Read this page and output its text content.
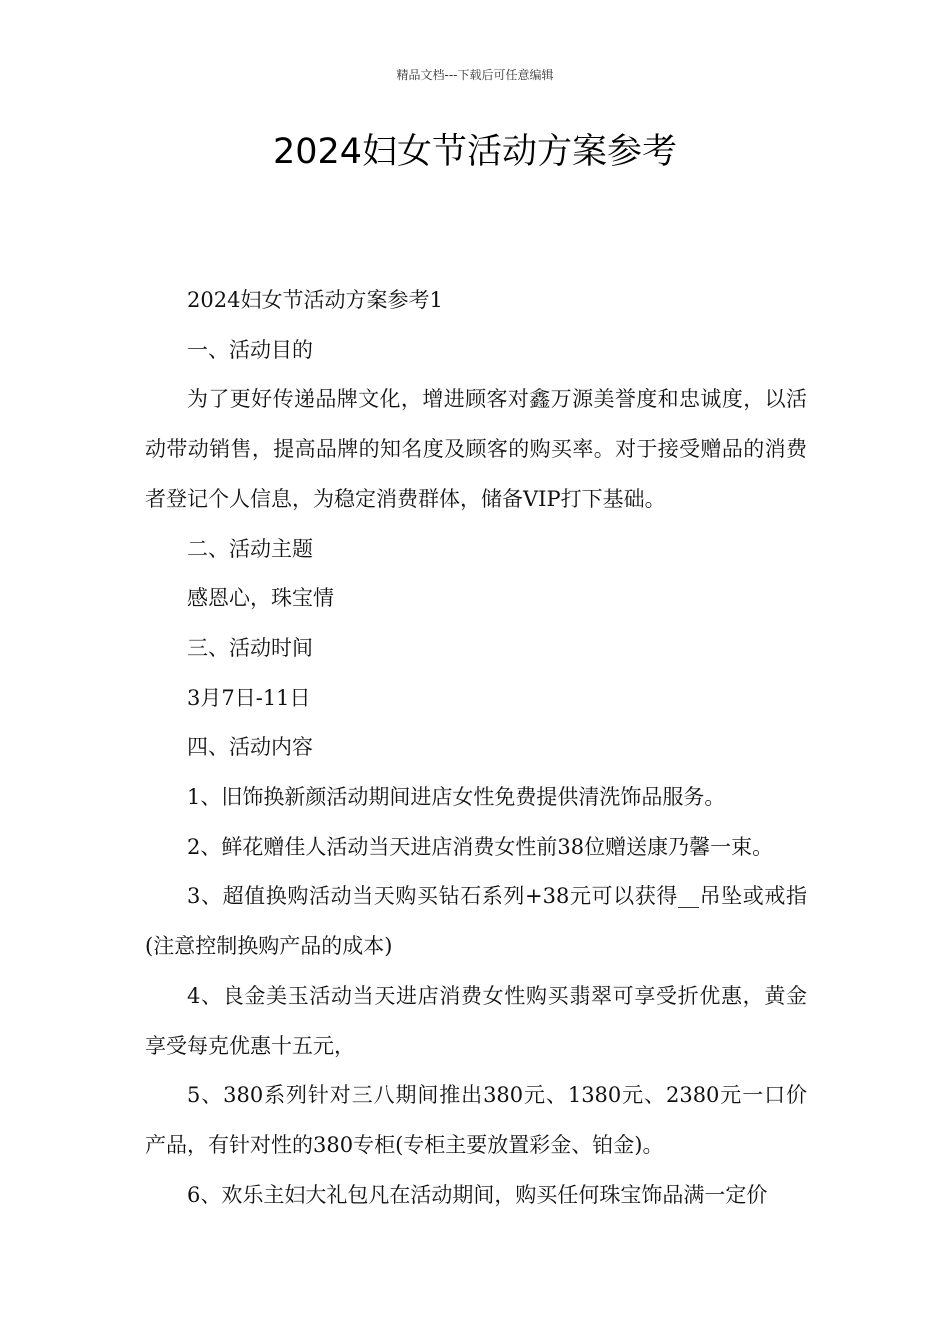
精品文档---下载后可任意编辑
2024妇女节活动方案参考

2024妇女节活动方案参考1

一、活动目的

为了更好传递品牌文化，增进顾客对鑫万源美誉度和忠诚度，以活动带动销售，提高品牌的知名度及顾客的购买率。对于接受赠品的消费者登记个人信息，为稳定消费群体，储备VIP打下基础。

二、活动主题

感恩心，珠宝情

三、活动时间

3月7日-11日

四、活动内容

1、旧饰换新颜活动期间进店女性免费提供清洗饰品服务。

2、鲜花赠佳人活动当天进店消费女性前38位赠送康乃馨一束。

3、超值换购活动当天购买钻石系列+38元可以获得__吊坠或戒指(注意控制换购产品的成本)

4、良金美玉活动当天进店消费女性购买翡翠可享受折优惠，黄金享受每克优惠十五元，

5、380系列针对三八期间推出380元、1380元、2380元一口价产品，有针对性的380专柜(专柜主要放置彩金、铂金)。

6、欢乐主妇大礼包凡在活动期间，购买任何珠宝饰品满一定价
